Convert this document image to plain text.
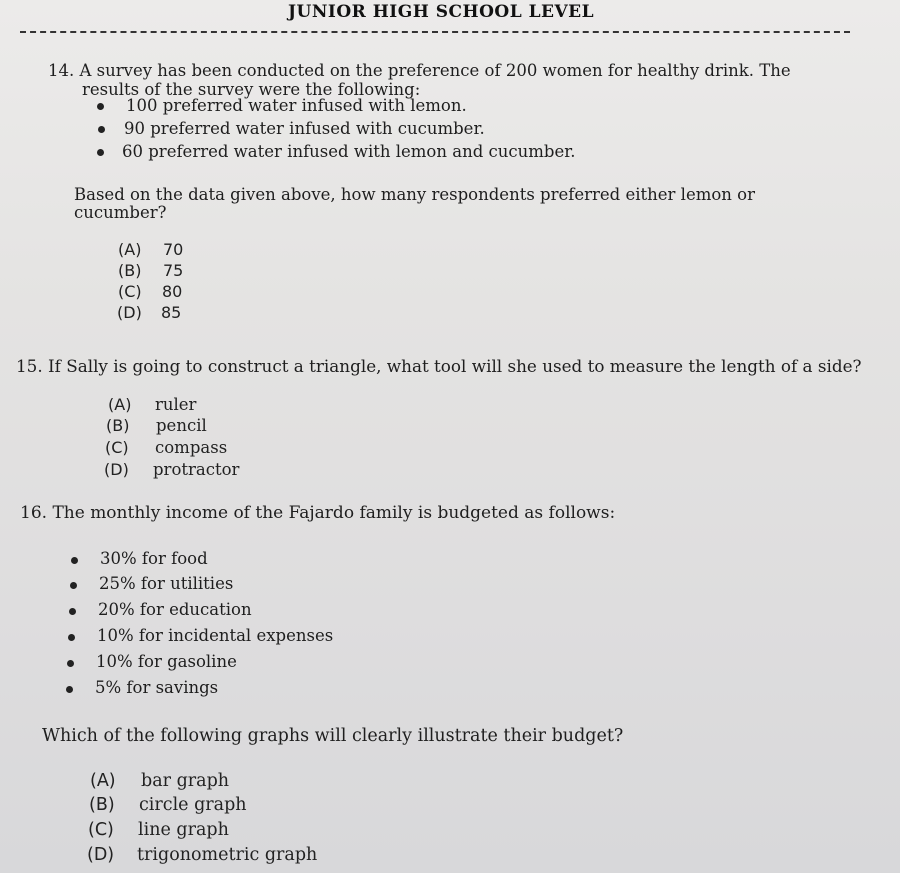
JUNIOR HIGH SCHOOL LEVEL
14. A survey has been conducted on the preference of 200 women for healthy drink. The
results of the survey were the following:
100 preferred water infused with lemon.
90 preferred water infused with cucumber.
60 preferred water infused with lemon and cucumber.
Based on the data given above, how many respondents preferred either lemon or
cucumber?
(A) 70
(B) 75
(C) 80
(D) 85
15. If Sally is going to construct a triangle, what tool will she used to measure the length of a side?
(A) ruler
(B) pencil
(C) compass
(D) protractor
16. The monthly income of the Fajardo family is budgeted as follows:
30% for food
25% for utilities
20% for education
10% for incidental expenses
10% for gasoline
5% for savings
Which of the following graphs will clearly illustrate their budget?
(A) bar graph
(B) circle graph
(C) line graph
(D) trigonometric graph
